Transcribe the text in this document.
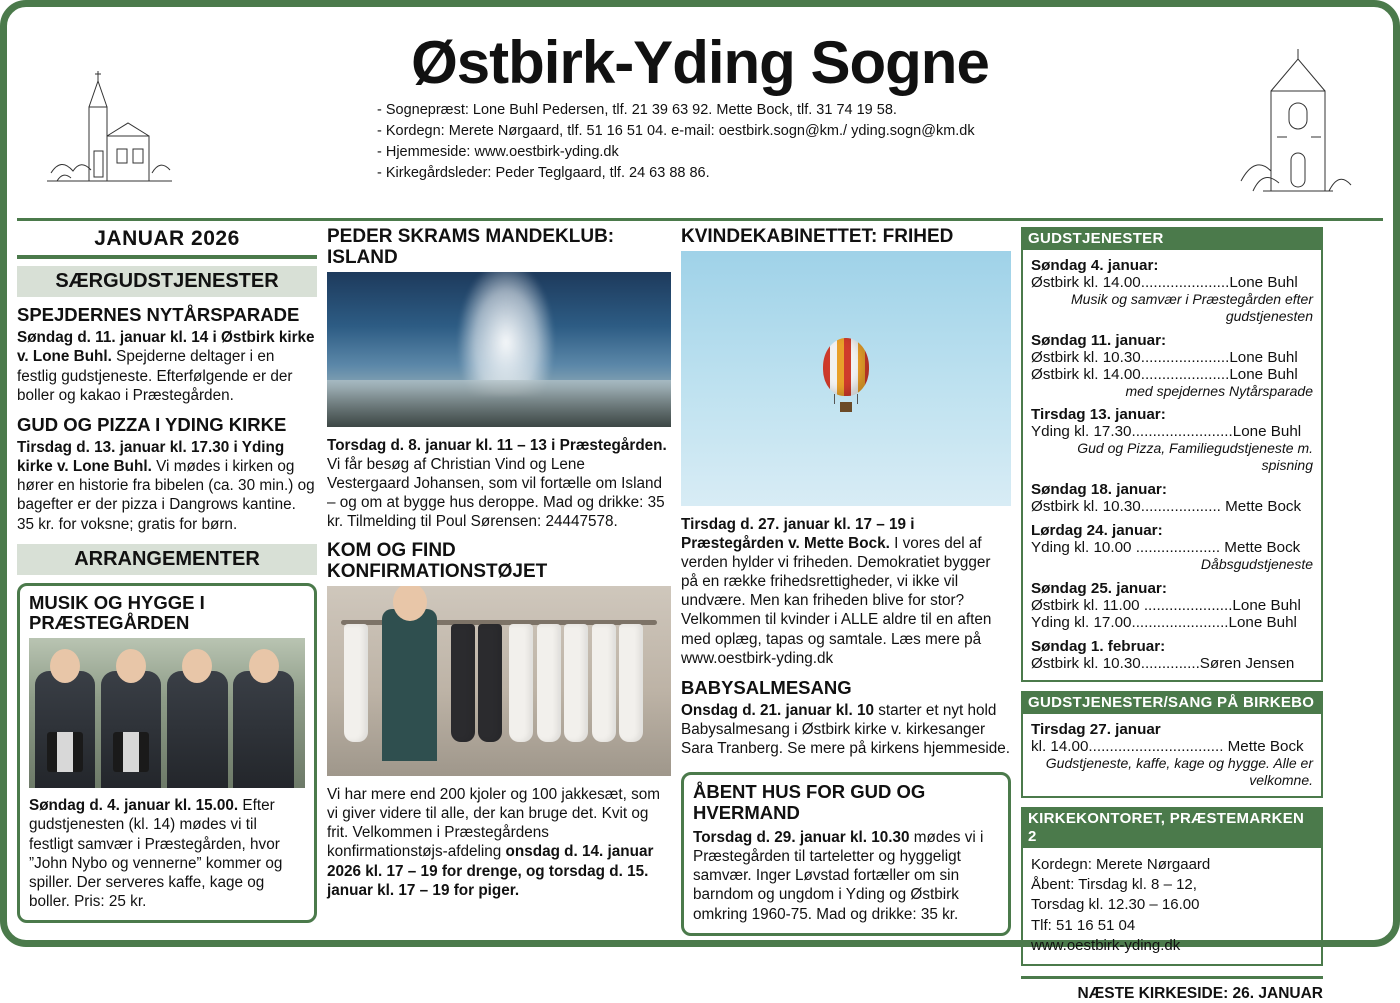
Østbirk-Yding Sogne
- Sognepræst: Lone Buhl Pedersen, tlf. 21 39 63 92. Mette Bock, tlf. 31 74 19 58.
- Kordegn: Merete Nørgaard, tlf. 51 16 51 04. e-mail: oestbirk.sogn@km./ yding.sogn@km.dk
- Hjemmeside: www.oestbirk-yding.dk
- Kirkegårdsleder: Peder Teglgaard, tlf. 24 63 88 86.
JANUAR 2026
SÆRGUDSTJENESTER
SPEJDERNES NYTÅRSPARADE

Søndag d. 11. januar kl. 14 i Østbirk kirke v. Lone Buhl. Spejderne deltager i en festlig gudstjeneste. Efterfølgende er der boller og kakao i Præstegården.

GUD OG PIZZA I YDING KIRKE

Tirsdag d. 13. januar kl. 17.30 i Yding kirke v. Lone Buhl. Vi mødes i kirken og hører en historie fra bibelen (ca. 30 min.) og bagefter er der pizza i Dangrows kantine. 35 kr. for voksne; gratis for børn.

ARRANGEMENTER
MUSIK OG HYGGE I PRÆSTEGÅRDEN

Søndag d. 4. januar kl. 15.00. Efter gudstjenesten (kl. 14) mødes vi til festligt samvær i Præstegården, hvor ”John Nybo og vennerne” kommer og spiller. Der serveres kaffe, kage og boller. Pris: 25 kr.

PEDER SKRAMS MANDEKLUB: ISLAND

Torsdag d. 8. januar kl. 11 – 13 i Præstegården. Vi får besøg af Christian Vind og Lene Vestergaard Johansen, som vil fortælle om Island – og om at bygge hus deroppe. Mad og drikke: 35 kr. Tilmelding til Poul Sørensen: 24447578.

KOM OG FIND KONFIRMATIONSTØJET

Vi har mere end 200 kjoler og 100 jakkesæt, som vi giver videre til alle, der kan bruge det. Kvit og frit. Velkommen i Præstegårdens konfirmationstøjs-afdeling onsdag d. 14. januar 2026 kl. 17 – 19 for drenge, og torsdag d. 15. januar kl. 17 – 19 for piger.

KVINDEKABINETTET: FRIHED

Tirsdag d. 27. januar kl. 17 – 19 i Præstegården v. Mette Bock. I vores del af verden hylder vi friheden. Demokratiet bygger på en række frihedsrettigheder, vi ikke vil undvære. Men kan friheden blive for stor? Velkommen til kvinder i ALLE aldre til en aften med oplæg, tapas og samtale. Læs mere på www.oestbirk-yding.dk

BABYSALMESANG

Onsdag d. 21. januar kl. 10 starter et nyt hold Babysalmesang i Østbirk kirke v. kirkesanger Sara Tranberg. Se mere på kirkens hjemmeside.

ÅBENT HUS FOR GUD OG HVERMAND

Torsdag d. 29. januar kl. 10.30 mødes vi i Præstegården til tarteletter og hyggeligt samvær. Inger Løvstad fortæller om sin barndom og ungdom i Yding og Østbirk omkring 1960-75. Mad og drikke: 35 kr.

GUDSTJENESTER
Søndag 4. januar:
Østbirk kl. 14.00.....................Lone Buhl
Musik og samvær i Præstegården efter gudstjenesten
Søndag 11. januar:
Østbirk kl. 10.30.....................Lone Buhl
Østbirk kl. 14.00.....................Lone Buhl
med spejdernes Nytårsparade
Tirsdag 13. januar:
Yding kl. 17.30........................Lone Buhl
Gud og Pizza, Familiegudstjeneste m. spisning
Søndag 18. januar:
Østbirk kl. 10.30................... Mette Bock
Lørdag 24. januar:
Yding kl. 10.00 .................... Mette Bock
Dåbsgudstjeneste
Søndag 25. januar:
Østbirk kl. 11.00 .....................Lone Buhl
Yding kl. 17.00.......................Lone Buhl
Søndag 1. februar:
Østbirk kl. 10.30..............Søren Jensen
GUDSTJENESTER/SANG PÅ BIRKEBO
Tirsdag 27. januar
kl. 14.00................................ Mette Bock
Gudstjeneste, kaffe, kage og hygge. Alle er velkomne.
KIRKEKONTORET, PRÆSTEMARKEN 2
Kordegn: Merete Nørgaard
Åbent: Tirsdag kl. 8 – 12,
Torsdag kl. 12.30 – 16.00
Tlf: 51 16 51 04
www.oestbirk-yding.dk
NÆSTE KIRKESIDE: 26. JANUAR
